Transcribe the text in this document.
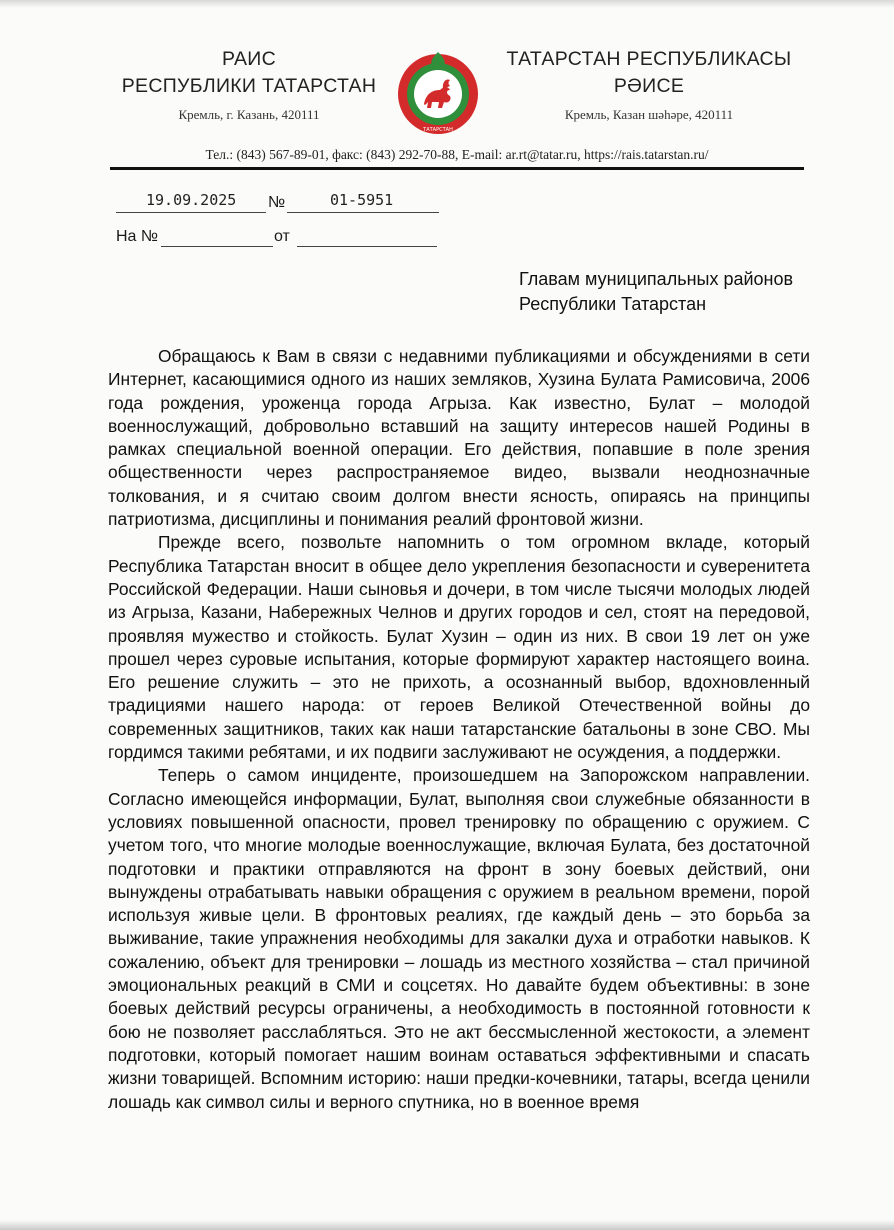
РАИС
РЕСПУБЛИКИ ТАТАРСТАН
Кремль, г. Казань, 420111
ТАТАРСТАН
ТАТАРСТАН РЕСПУБЛИКАСЫ
РӘИСЕ
Кремль, Казан шәһәре, 420111
Тел.: (843) 567-89-01, факс: (843) 292-70-88, E-mail: ar.rt@tatar.ru, https://rais.tatarstan.ru/
19.09.2025 №	01-5951
На №	от
Главам муниципальных районов
Республики Татарстан

Обращаюсь к Вам в связи с недавними публикациями и обсуждениями в сети Интернет, касающимися одного из наших земляков, Хузина Булата Рамисовича, 2006 года рождения, уроженца города Агрыза. Как известно, Булат – молодой военнослужащий, добровольно вставший на защиту интересов нашей Родины в рамках специальной военной операции. Его действия, попавшие в поле зрения общественности через распространяемое видео, вызвали неоднозначные толкования, и я считаю своим долгом внести ясность, опираясь на принципы патриотизма, дисциплины и понимания реалий фронтовой жизни.

Прежде всего, позвольте напомнить о том огромном вкладе, который Республика Татарстан вносит в общее дело укрепления безопасности и суверенитета Российской Федерации. Наши сыновья и дочери, в том числе тысячи молодых людей из Агрыза, Казани, Набережных Челнов и других городов и сел, стоят на передовой, проявляя мужество и стойкость. Булат Хузин – один из них. В свои 19 лет он уже прошел через суровые испытания, которые формируют характер настоящего воина. Его решение служить – это не прихоть, а осознанный выбор, вдохновленный традициями нашего народа: от героев Великой Отечественной войны до современных защитников, таких как наши татарстанские батальоны в зоне СВО. Мы гордимся такими ребятами, и их подвиги заслуживают не осуждения, а поддержки.

Теперь о самом инциденте, произошедшем на Запорожском направлении. Согласно имеющейся информации, Булат, выполняя свои служебные обязанности в условиях повышенной опасности, провел тренировку по обращению с оружием. С учетом того, что многие молодые военнослужащие, включая Булата, без достаточной подготовки и практики отправляются на фронт в зону боевых действий, они вынуждены отрабатывать навыки обращения с оружием в реальном времени, порой используя живые цели. В фронтовых реалиях, где каждый день – это борьба за выживание, такие упражнения необходимы для закалки духа и отработки навыков. К сожалению, объект для тренировки – лошадь из местного хозяйства – стал причиной эмоциональных реакций в СМИ и соцсетях. Но давайте будем объективны: в зоне боевых действий ресурсы ограничены, а необходимость в постоянной готовности к бою не позволяет расслабляться. Это не акт бессмысленной жестокости, а элемент подготовки, который помогает нашим воинам оставаться эффективными и спасать жизни товарищей. Вспомним историю: наши предки-кочевники, татары, всегда ценили лошадь как символ силы и верного спутника, но в военное время
